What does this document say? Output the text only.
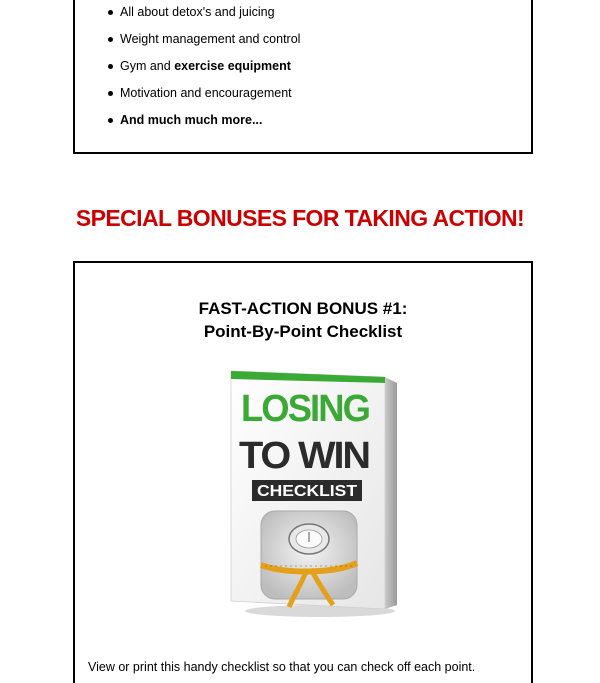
All about detox's and juicing
Weight management and control
Gym and exercise equipment
Motivation and encouragement
And much much more...
SPECIAL BONUSES FOR TAKING ACTION!
FAST-ACTION BONUS #1:
Point-By-Point Checklist
LOSING
TO WIN
CHECKLIST
View or print this handy checklist so that you can check off each point.
